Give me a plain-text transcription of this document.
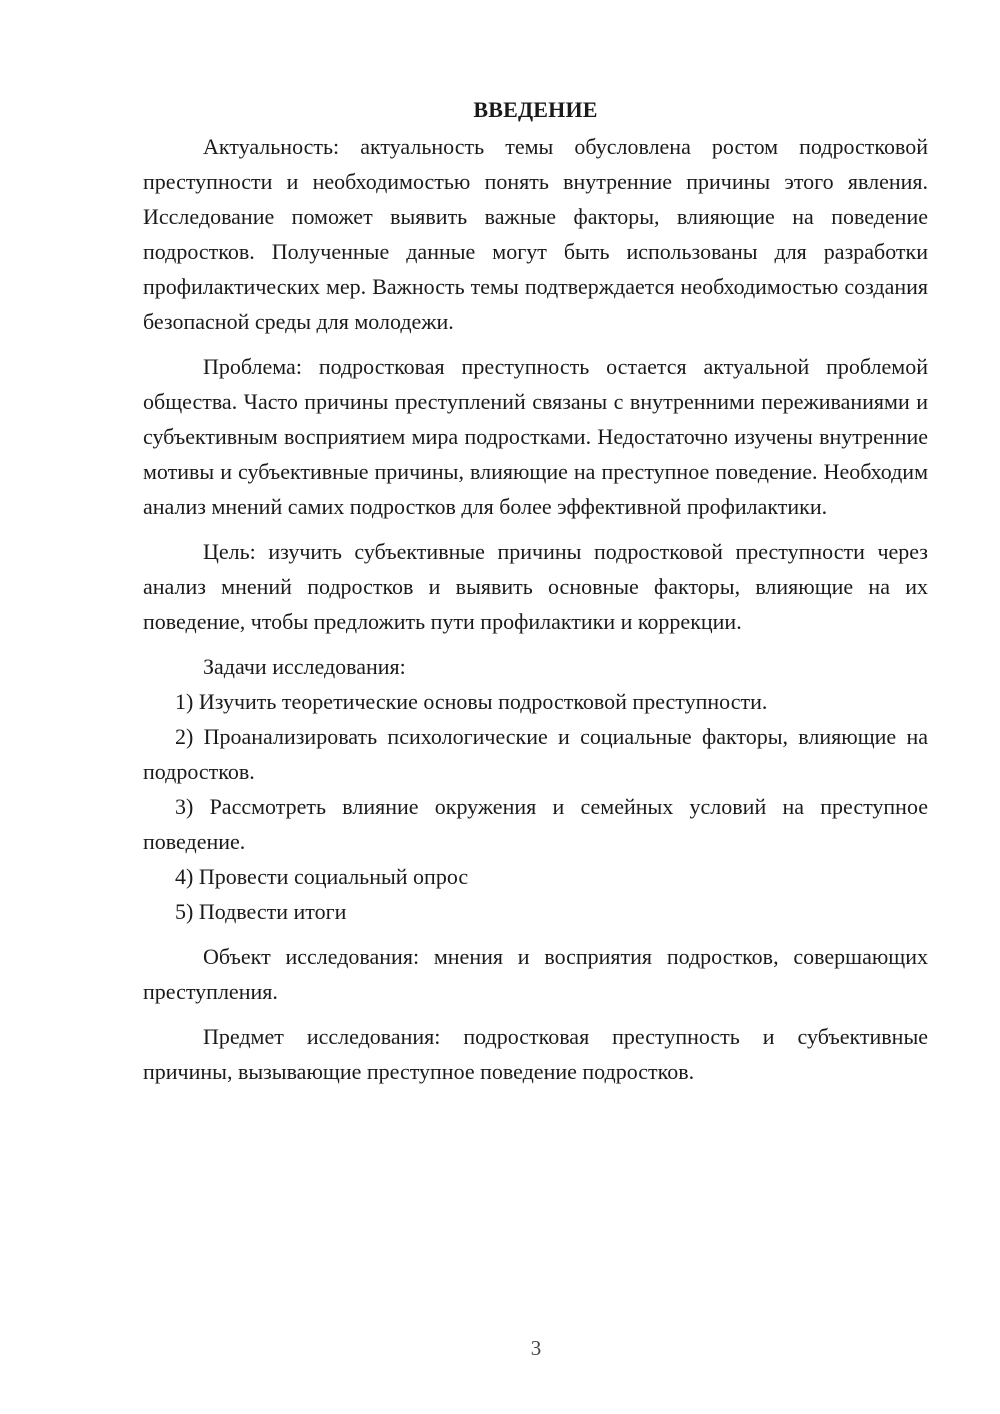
ВВЕДЕНИЕ

Актуальность: актуальность темы обусловлена ростом подростковой преступности и необходимостью понять внутренние причины этого явления. Исследование поможет выявить важные факторы, влияющие на поведение подростков. Полученные данные могут быть использованы для разработки профилактических мер. Важность темы подтверждается необходимостью создания безопасной среды для молодежи.

Проблема: подростковая преступность остается актуальной проблемой общества. Часто причины преступлений связаны с внутренними переживаниями и субъективным восприятием мира подростками. Недостаточно изучены внутренние мотивы и субъективные причины, влияющие на преступное поведение. Необходим анализ мнений самих подростков для более эффективной профилактики.

Цель: изучить субъективные причины подростковой преступности через анализ мнений подростков и выявить основные факторы, влияющие на их поведение, чтобы предложить пути профилактики и коррекции.

Задачи исследования:

1) Изучить теоретические основы подростковой преступности.

2) Проанализировать психологические и социальные факторы, влияющие на подростков.

3) Рассмотреть влияние окружения и семейных условий на преступное поведение.

4) Провести социальный опрос

5) Подвести итоги

Объект исследования: мнения и восприятия подростков, совершающих преступления.

Предмет исследования: подростковая преступность и субъективные причины, вызывающие преступное поведение подростков.

3
